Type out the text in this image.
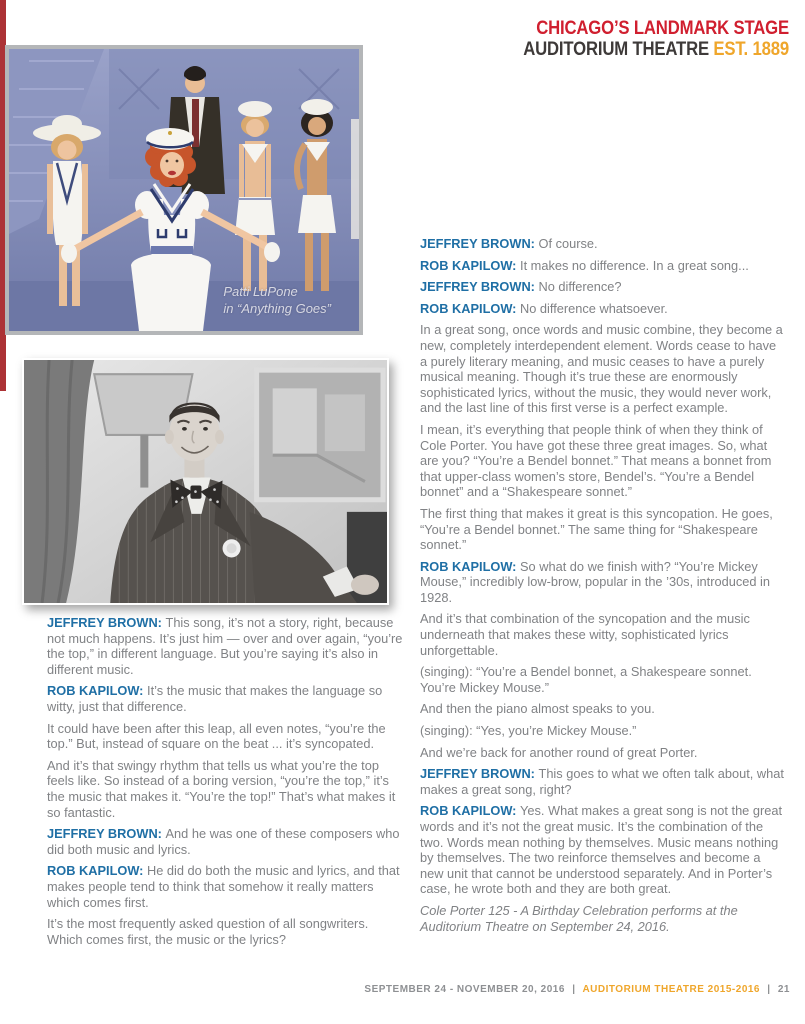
CHICAGO’S LANDMARK STAGE
AUDITORIUM THEATRE EST. 1889
Patti LuPone
in “Anything Goes”

JEFFREY BROWN: This song, it’s not a story, right, because not much happens. It’s just him — over and over again, “you’re the top,” in different language. But you’re saying it’s also in different music.

ROB KAPILOW: It’s the music that makes the language so witty, just that difference.

It could have been after this leap, all even notes, “you’re the top.” But, instead of square on the beat ... it’s syncopated.

And it’s that swingy rhythm that tells us what you’re the top feels like. So instead of a boring version, “you’re the top,” it’s the music that makes it. “You’re the top!” That’s what makes it so fantastic.

JEFFREY BROWN: And he was one of these composers who did both music and lyrics.

ROB KAPILOW: He did do both the music and lyrics, and that makes people tend to think that somehow it really matters which comes first.

It’s the most frequently asked question of all songwriters. Which comes first, the music or the lyrics?

JEFFREY BROWN: Of course.

ROB KAPILOW: It makes no difference. In a great song...

JEFFREY BROWN: No difference?

ROB KAPILOW: No difference whatsoever.

In a great song, once words and music combine, they become a new, completely interdependent element. Words cease to have a purely literary meaning, and music ceases to have a purely musical meaning. Though it’s true these are enormously sophisticated lyrics, without the music, they would never work, and the last line of this first verse is a perfect example.

I mean, it’s everything that people think of when they think of Cole Porter. You have got these three great images. So, what are you? “You’re a Bendel bonnet.” That means a bonnet from that upper-class women’s store, Bendel’s. “You’re a Bendel bonnet” and a “Shakespeare sonnet.”

The first thing that makes it great is this syncopation. He goes, “You’re a Bendel bonnet.” The same thing for “Shakespeare sonnet.”

ROB KAPILOW: So what do we finish with? “You’re Mickey Mouse,” incredibly low-brow, popular in the ’30s, introduced in 1928.

And it’s that combination of the syncopation and the music underneath that makes these witty, sophisticated lyrics unforgettable.

(singing): “You’re a Bendel bonnet, a Shakespeare sonnet. You’re Mickey Mouse.”

And then the piano almost speaks to you.

(singing): “Yes, you’re Mickey Mouse.”

And we’re back for another round of great Porter.

JEFFREY BROWN: This goes to what we often talk about, what makes a great song, right?

ROB KAPILOW: Yes. What makes a great song is not the great words and it’s not the great music. It’s the combination of the two. Words mean nothing by themselves. Music means nothing by themselves. The two reinforce themselves and become a new unit that cannot be understood separately. And in Porter’s case, he wrote both and they are both great.

Cole Porter 125 - A Birthday Celebration performs at the Auditorium Theatre on September 24, 2016.

SEPTEMBER 24 - NOVEMBER 20, 2016 | AUDITORIUM THEATRE 2015-2016 | 21
